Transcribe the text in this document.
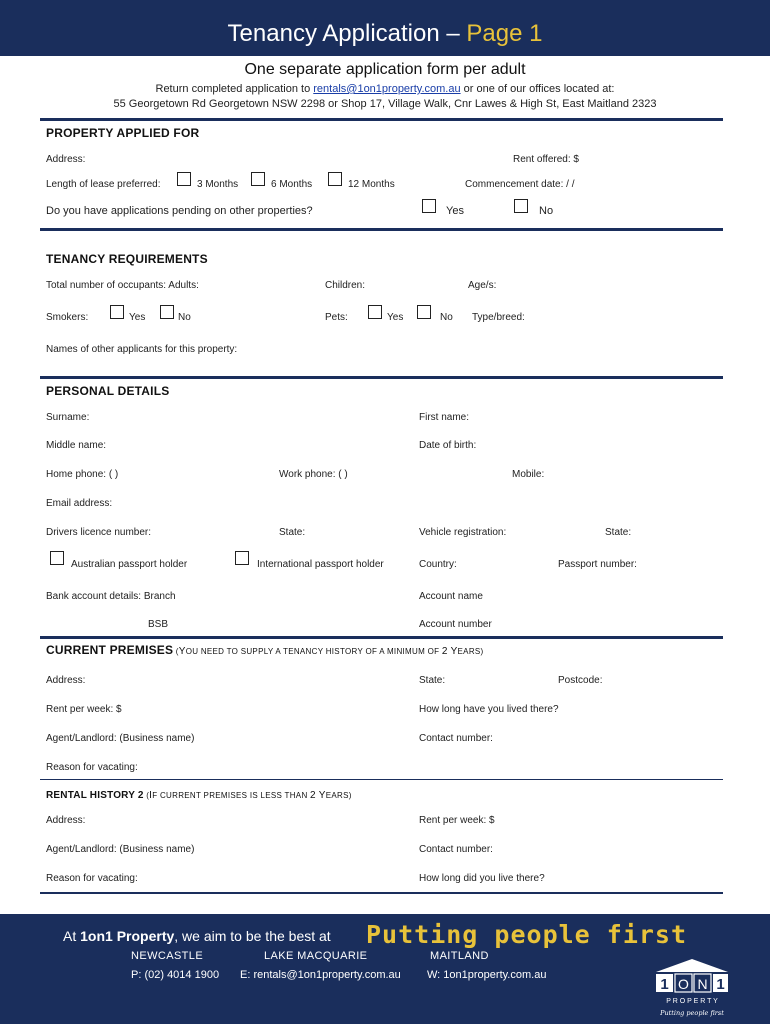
Tenancy Application – Page 1
One separate application form per adult
Return completed application to rentals@1on1property.com.au or one of our offices located at:
55 Georgetown Rd Georgetown NSW 2298 or Shop 17, Village Walk, Cnr Lawes & High St, East Maitland 2323
PROPERTY APPLIED FOR
Address:	Rent offered: $
Length of lease preferred:	3 Months	6 Months	12 Months	Commencement date: / /
Do you have applications pending on other properties?	Yes	No
TENANCY REQUIREMENTS
Total number of occupants: Adults:	Children:	Age/s:
Smokers:	Yes	No	Pets:	Yes	No Type/breed:
Names of other applicants for this property:
PERSONAL DETAILS
Surname:	First name:
Middle name:	Date of birth:
Home phone: ( )	Work phone: ( )	Mobile:
Email address:
Drivers licence number:	State:	Vehicle registration:	State:
Australian passport holder	International passport holder	Country:	Passport number:
Bank account details: Branch	Account name
BSB	Account number
CURRENT PREMISES (YOU NEED TO SUPPLY A TENANCY HISTORY OF A MINIMUM OF 2 YEARS)
Address:	State:	Postcode:
Rent per week: $	How long have you lived there?
Agent/Landlord: (Business name)	Contact number:
Reason for vacating:
RENTAL HISTORY 2 (IF CURRENT PREMISES IS LESS THAN 2 YEARS)
Address:	Rent per week: $
Agent/Landlord: (Business name)	Contact number:
Reason for vacating:	How long did you live there?
At 1on1 Property, we aim to be the best at Putting people first
NEWCASTLE	LAKE MACQUARIE	MAITLAND
P: (02) 4014 1900 E: rentals@1on1property.com.au W: 1on1property.com.au
1 O N 1
P R O P E R T Y
Putting people first
